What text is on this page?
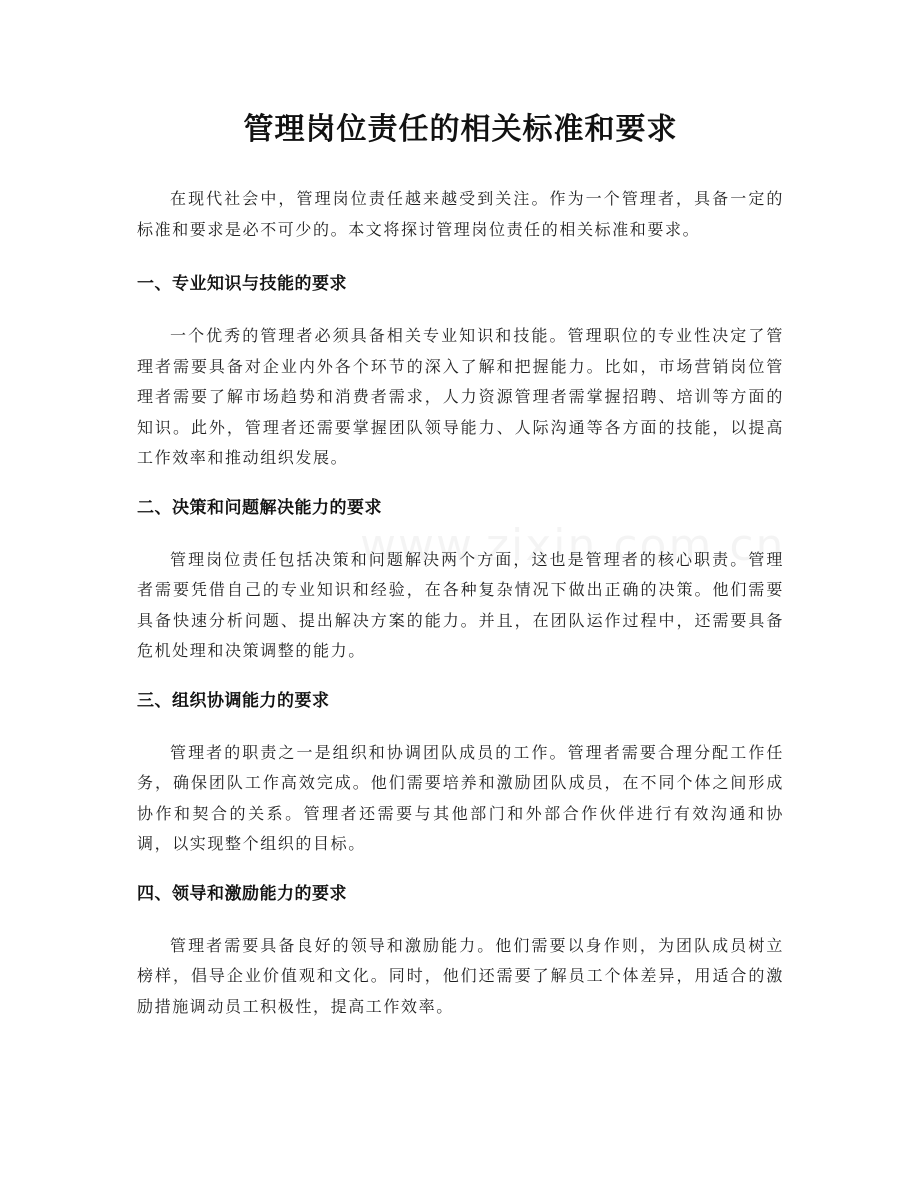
管理岗位责任的相关标准和要求

在现代社会中，管理岗位责任越来越受到关注。作为一个管理者，具备一定的标准和要求是必不可少的。本文将探讨管理岗位责任的相关标准和要求。

一、专业知识与技能的要求

一个优秀的管理者必须具备相关专业知识和技能。管理职位的专业性决定了管理者需要具备对企业内外各个环节的深入了解和把握能力。比如，市场营销岗位管理者需要了解市场趋势和消费者需求，人力资源管理者需掌握招聘、培训等方面的知识。此外，管理者还需要掌握团队领导能力、人际沟通等各方面的技能，以提高工作效率和推动组织发展。

二、决策和问题解决能力的要求

管理岗位责任包括决策和问题解决两个方面，这也是管理者的核心职责。管理者需要凭借自己的专业知识和经验，在各种复杂情况下做出正确的决策。他们需要具备快速分析问题、提出解决方案的能力。并且，在团队运作过程中，还需要具备危机处理和决策调整的能力。

三、组织协调能力的要求

管理者的职责之一是组织和协调团队成员的工作。管理者需要合理分配工作任务，确保团队工作高效完成。他们需要培养和激励团队成员，在不同个体之间形成协作和契合的关系。管理者还需要与其他部门和外部合作伙伴进行有效沟通和协调，以实现整个组织的目标。

四、领导和激励能力的要求

管理者需要具备良好的领导和激励能力。他们需要以身作则，为团队成员树立榜样，倡导企业价值观和文化。同时，他们还需要了解员工个体差异，用适合的激励措施调动员工积极性，提高工作效率。
